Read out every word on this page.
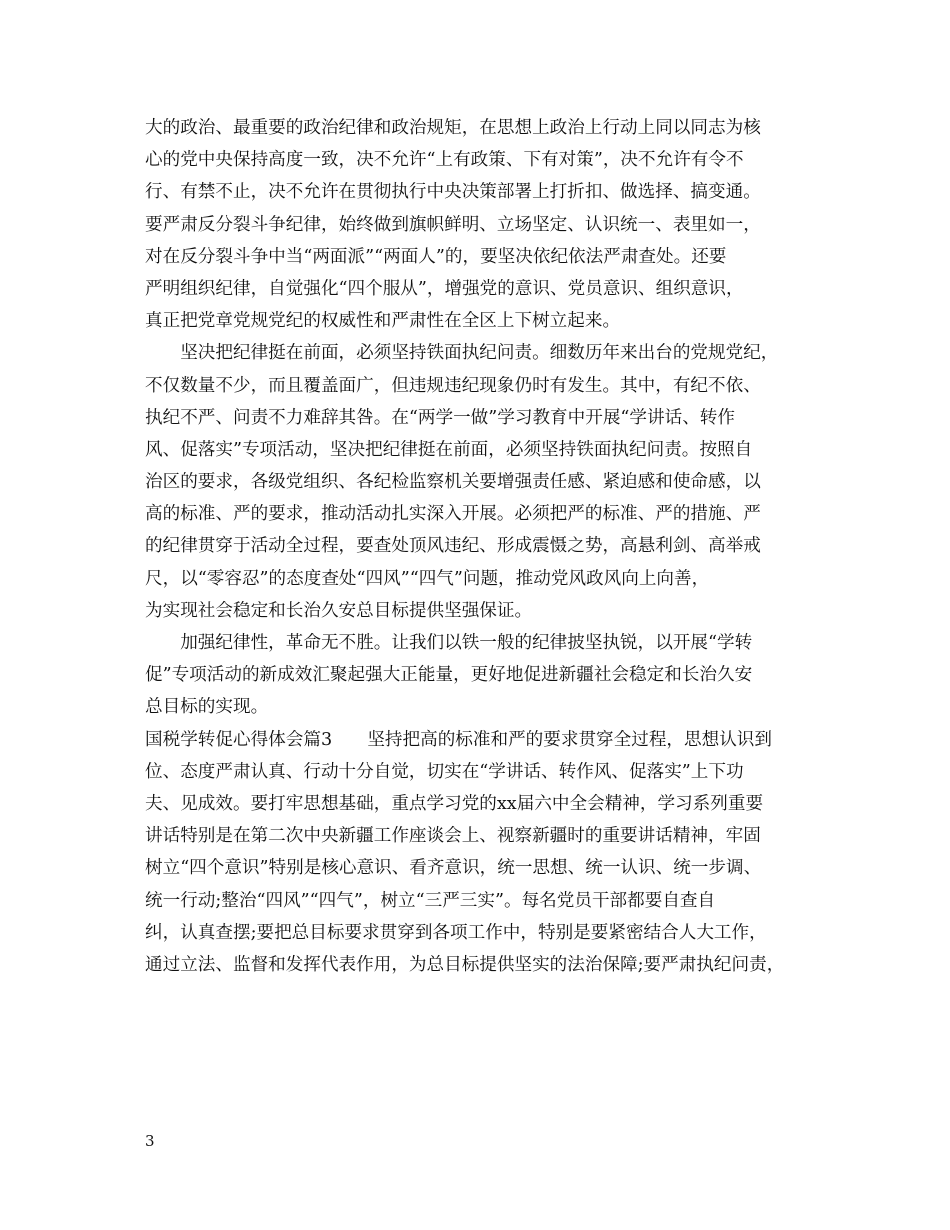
大的政治、最重要的政治纪律和政治规矩，在思想上政治上行动上同以同志为核
心的党中央保持高度一致，决不允许“上有政策、下有对策”，决不允许有令不
行、有禁不止，决不允许在贯彻执行中央决策部署上打折扣、做选择、搞变通。
要严肃反分裂斗争纪律，始终做到旗帜鲜明、立场坚定、认识统一、表里如一，
对在反分裂斗争中当“两面派”“两面人”的，要坚决依纪依法严肃查处。还要
严明组织纪律，自觉强化“四个服从”，增强党的意识、党员意识、组织意识，
真正把党章党规党纪的权威性和严肃性在全区上下树立起来。
　　坚决把纪律挺在前面，必须坚持铁面执纪问责。细数历年来出台的党规党纪，
不仅数量不少，而且覆盖面广，但违规违纪现象仍时有发生。其中，有纪不依、
执纪不严、问责不力难辞其咎。在“两学一做”学习教育中开展“学讲话、转作
风、促落实”专项活动，坚决把纪律挺在前面，必须坚持铁面执纪问责。按照自
治区的要求，各级党组织、各纪检监察机关要增强责任感、紧迫感和使命感，以
高的标准、严的要求，推动活动扎实深入开展。必须把严的标准、严的措施、严
的纪律贯穿于活动全过程，要查处顶风违纪、形成震慑之势，高悬利剑、高举戒
尺，以“零容忍”的态度查处“四风”“四气”问题，推动党风政风向上向善，
为实现社会稳定和长治久安总目标提供坚强保证。
　　加强纪律性，革命无不胜。让我们以铁一般的纪律披坚执锐，以开展“学转
促”专项活动的新成效汇聚起强大正能量，更好地促进新疆社会稳定和长治久安
总目标的实现。
国税学转促心得体会篇3　　坚持把高的标准和严的要求贯穿全过程，思想认识到
位、态度严肃认真、行动十分自觉，切实在“学讲话、转作风、促落实”上下功
夫、见成效。要打牢思想基础，重点学习党的xx届六中全会精神，学习系列重要
讲话特别是在第二次中央新疆工作座谈会上、视察新疆时的重要讲话精神，牢固
树立“四个意识”特别是核心意识、看齐意识，统一思想、统一认识、统一步调、
统一行动;整治“四风”“四气”，树立“三严三实”。每名党员干部都要自查自
纠，认真查摆;要把总目标要求贯穿到各项工作中，特别是要紧密结合人大工作，
通过立法、监督和发挥代表作用，为总目标提供坚实的法治保障;要严肃执纪问责，
3
